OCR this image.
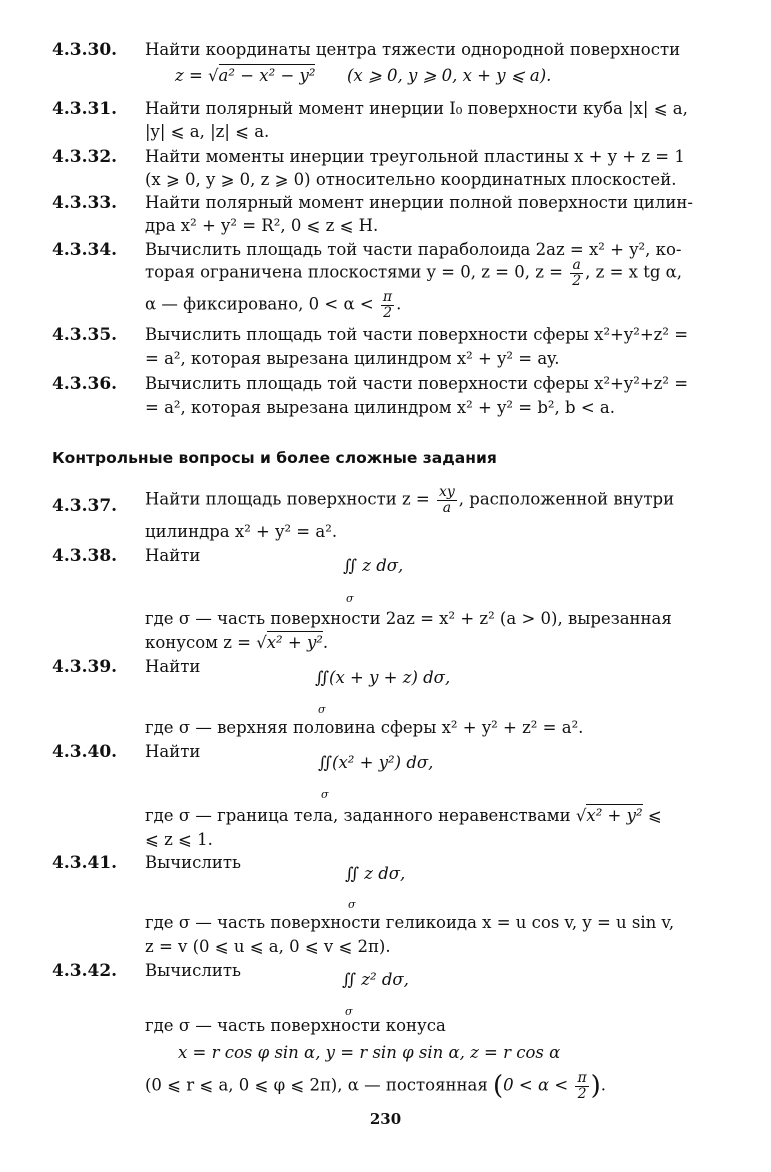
4.3.30. Найти координаты центра тяжести однородной поверхности
z = √a² − x² − y² (x ⩾ 0, y ⩾ 0, x + y ⩽ a).
4.3.31. Найти полярный момент инерции I₀ поверхности куба |x| ⩽ a,
|y| ⩽ a, |z| ⩽ a.
4.3.32. Найти моменты инерции треугольной пластины x + y + z = 1
(x ⩾ 0, y ⩾ 0, z ⩾ 0) относительно координатных плоскостей.
4.3.33. Найти полярный момент инерции полной поверхности цилин-
дра x² + y² = R², 0 ⩽ z ⩽ H.
4.3.34. Вычислить площадь той части параболоида 2az = x² + y², ко-
торая ограничена плоскостями y = 0, z = 0, $z = \frac{a}{2}$ , z = x tg α,
α — фиксировано, $0 < \alpha < \frac{\pi}{2}$ .
4.3.35. Вычислить площадь той части поверхности сферы x²+y²+z² =
= a², которая вырезана цилиндром x² + y² = ay.
4.3.36. Вычислить площадь той части поверхности сферы x²+y²+z² =
= a², которая вырезана цилиндром x² + y² = b², b < a.
Контрольные вопросы и более сложные задания
4.3.37. Найти площадь поверхности $z = \frac{xy}{a}$ , расположенной внутри
цилиндра x² + y² = a².
4.3.38. Найти
∬ z dσ,
σ
где σ — часть поверхности 2az = x² + z² (a > 0), вырезанная
конусом z = √x² + y².
4.3.39. Найти
∬(x + y + z) dσ,
σ
где σ — верхняя половина сферы x² + y² + z² = a².
4.3.40. Найти
∬(x² + y²) dσ,
σ
где σ — граница тела, заданного неравенствами √x² + y² ⩽
⩽ z ⩽ 1.
4.3.41. Вычислить
∬ z dσ,
σ
где σ — часть поверхности геликоида x = u cos v, y = u sin v,
z = v (0 ⩽ u ⩽ a, 0 ⩽ v ⩽ 2π).
4.3.42. Вычислить	∬ z² dσ,
σ
где σ — часть поверхности конуса
x = r cos φ sin α, y = r sin φ sin α, z = r cos α
(0 ⩽ r ⩽ a, 0 ⩽ φ ⩽ 2π), α — постоянная ($0 < \alpha < \frac{\pi}{2}$ ).
230
